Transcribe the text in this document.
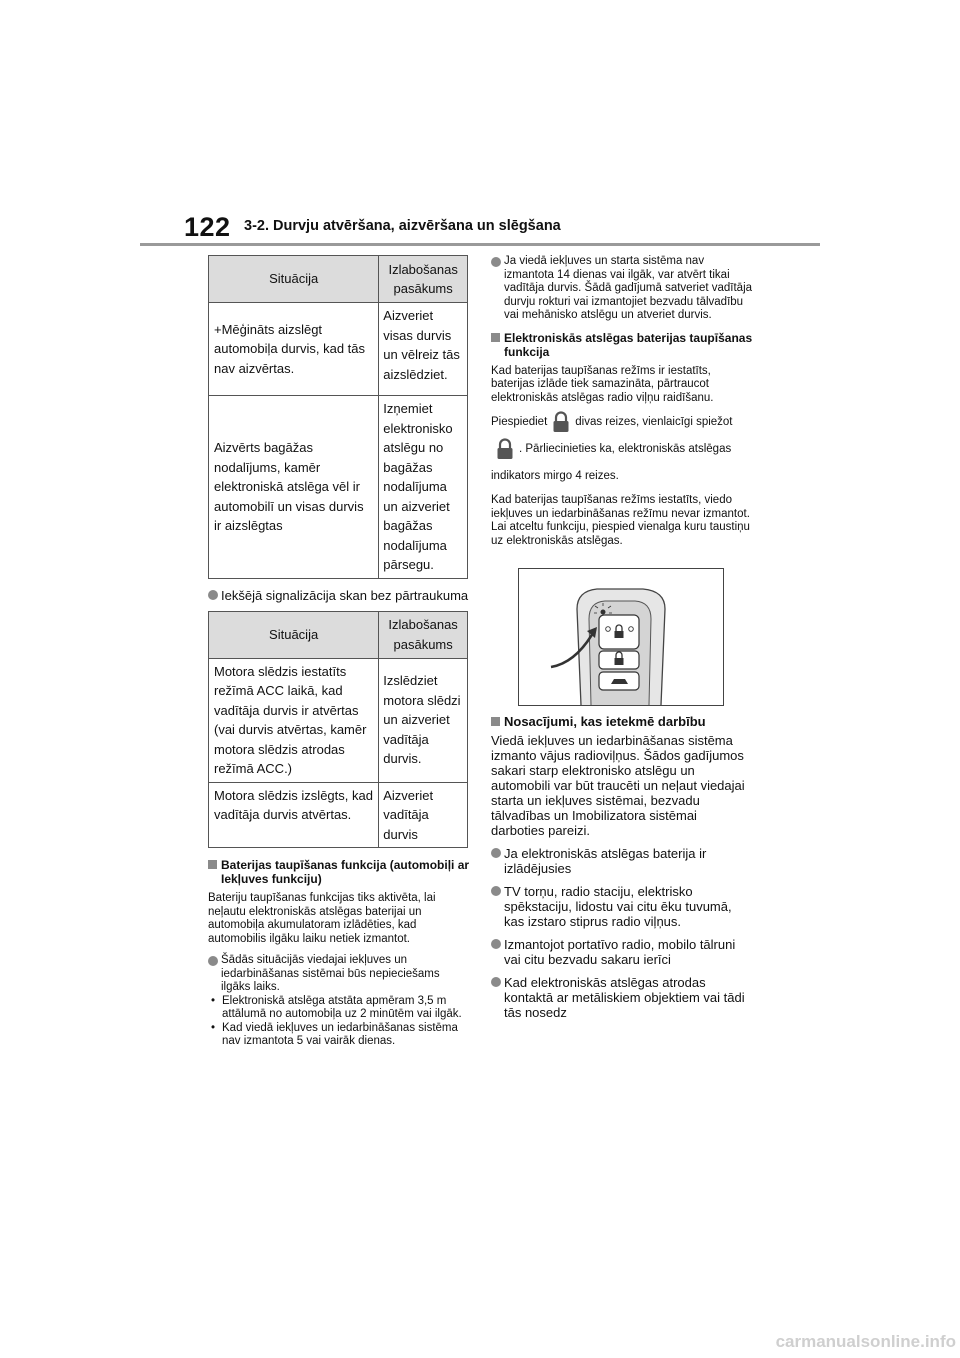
122 3-2. Durvju atvēršana, aizvēršana un slēgšana
Situācija	Izlabošanas pasākums
+Mēģināts aizslēgt automobiļa durvis, kad tās nav aizvērtas.	Aizveriet visas durvis un vēlreiz tās aizslēdziet.
Aizvērts bagāžas nodalījums, kamēr elektroniskā atslēga vēl ir automobilī un visas durvis ir aizslēgtas	Izņemiet elektronisko atslēgu no bagāžas nodalījuma un aizveriet bagāžas nodalījuma pārsegu.
Iekšējā signalizācija skan bez pārtraukuma
Situācija	Izlabošanas pasākums
Motora slēdzis iestatīts režīmā ACC laikā, kad vadītāja durvis ir atvērtas (vai durvis atvērtas, kamēr motora slēdzis atrodas režīmā ACC.)	Izslēdziet motora slēdzi un aizveriet vadītāja durvis.
Motora slēdzis izslēgts, kad vadītāja durvis atvērtas.	Aizveriet vadītāja durvis
Baterijas taupīšanas funkcija (automobiļi ar Iekļuves funkciju)
Bateriju taupīšanas funkcijas tiks aktivēta, lai neļautu elektroniskās atslēgas baterijai un automobiļa akumulatoram izlādēties, kad automobilis ilgāku laiku netiek izmantot.
Šādās situācijās viedajai iekļuves un iedarbināšanas sistēmai būs nepieciešams ilgāks laiks.
• Elektroniskā atslēga atstāta apmēram 3,5 m attālumā no automobiļa uz 2 minūtēm vai ilgāk.
• Kad viedā iekļuves un iedarbināšanas sistēma nav izmantota 5 vai vairāk dienas.
Ja viedā iekļuves un starta sistēma nav izmantota 14 dienas vai ilgāk, var atvērt tikai vadītāja durvis. Šādā gadījumā satveriet vadītāja durvju rokturi vai izmantojiet bezvadu tālvadību vai mehānisko atslēgu un atveriet durvis.
Elektroniskās atslēgas baterijas taupīšanas funkcija
Kad baterijas taupīšanas režīms ir iestatīts, baterijas izlāde tiek samazināta, pārtraucot elektroniskās atslēgas radio viļņu raidīšanu.
Piespiediet divas reizes, vienlaicīgi spiežot. Pārliecinieties ka, elektroniskās atslēgas indikators mirgo 4 reizes.
Kad baterijas taupīšanas režīms iestatīts, viedo iekļuves un iedarbināšanas režīmu nevar izmantot. Lai atceltu funkciju, piespied vienalga kuru taustiņu uz elektroniskās atslēgas.
Nosacījumi, kas ietekmē darbību
Viedā iekļuves un iedarbināšanas sistēma izmanto vājus radioviļņus. Šādos gadījumos sakari starp elektronisko atslēgu un automobili var būt traucēti un neļaut viedajai starta un iekļuves sistēmai, bezvadu tālvadības un Imobilizatora sistēmai darboties pareizi.
Ja elektroniskās atslēgas baterija ir izlādējusies
TV torņu, radio staciju, elektrisko spēkstaciju, lidostu vai citu ēku tuvumā, kas izstaro stiprus radio viļņus.
Izmantojot portatīvo radio, mobilo tālruni vai citu bezvadu sakaru ierīci
Kad elektroniskās atslēgas atrodas kontaktā ar metāliskiem objektiem vai tādi tās nosedz
carmanualsonline.info
